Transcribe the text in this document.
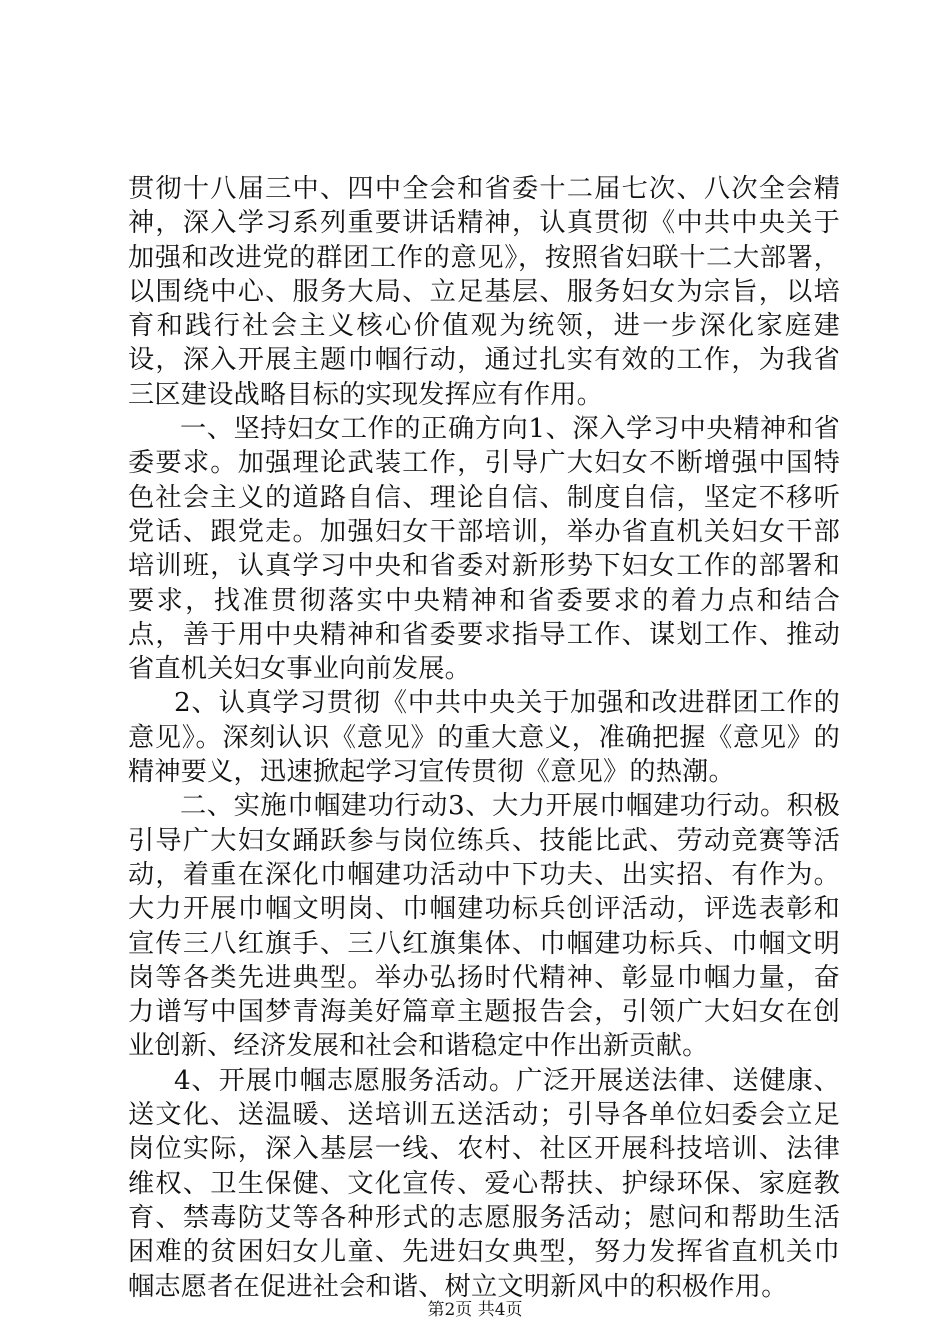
贯彻十八届三中、四中全会和省委十二届七次、八次全会精神，深入学习系列重要讲话精神，认真贯彻《中共中央关于加强和改进党的群团工作的意见》，按照省妇联十二大部署，以围绕中心、服务大局、立足基层、服务妇女为宗旨，以培育和践行社会主义核心价值观为统领，进一步深化家庭建设，深入开展主题巾帼行动，通过扎实有效的工作，为我省三区建设战略目标的实现发挥应有作用。

一、坚持妇女工作的正确方向1、深入学习中央精神和省委要求。加强理论武装工作，引导广大妇女不断增强中国特色社会主义的道路自信、理论自信、制度自信，坚定不移听党话、跟党走。加强妇女干部培训，举办省直机关妇女干部培训班，认真学习中央和省委对新形势下妇女工作的部署和要求，找准贯彻落实中央精神和省委要求的着力点和结合点，善于用中央精神和省委要求指导工作、谋划工作、推动省直机关妇女事业向前发展。

2、认真学习贯彻《中共中央关于加强和改进群团工作的意见》。深刻认识《意见》的重大意义，准确把握《意见》的精神要义，迅速掀起学习宣传贯彻《意见》的热潮。

二、实施巾帼建功行动3、大力开展巾帼建功行动。积极引导广大妇女踊跃参与岗位练兵、技能比武、劳动竞赛等活动，着重在深化巾帼建功活动中下功夫、出实招、有作为。大力开展巾帼文明岗、巾帼建功标兵创评活动，评选表彰和宣传三八红旗手、三八红旗集体、巾帼建功标兵、巾帼文明岗等各类先进典型。举办弘扬时代精神、彰显巾帼力量，奋力谱写中国梦青海美好篇章主题报告会，引领广大妇女在创业创新、经济发展和社会和谐稳定中作出新贡献。

4、开展巾帼志愿服务活动。广泛开展送法律、送健康、送文化、送温暖、送培训五送活动；引导各单位妇委会立足岗位实际，深入基层一线、农村、社区开展科技培训、法律维权、卫生保健、文化宣传、爱心帮扶、护绿环保、家庭教育、禁毒防艾等各种形式的志愿服务活动；慰问和帮助生活困难的贫困妇女儿童、先进妇女典型，努力发挥省直机关巾帼志愿者在促进社会和谐、树立文明新风中的积极作用。

第2页 共4页
